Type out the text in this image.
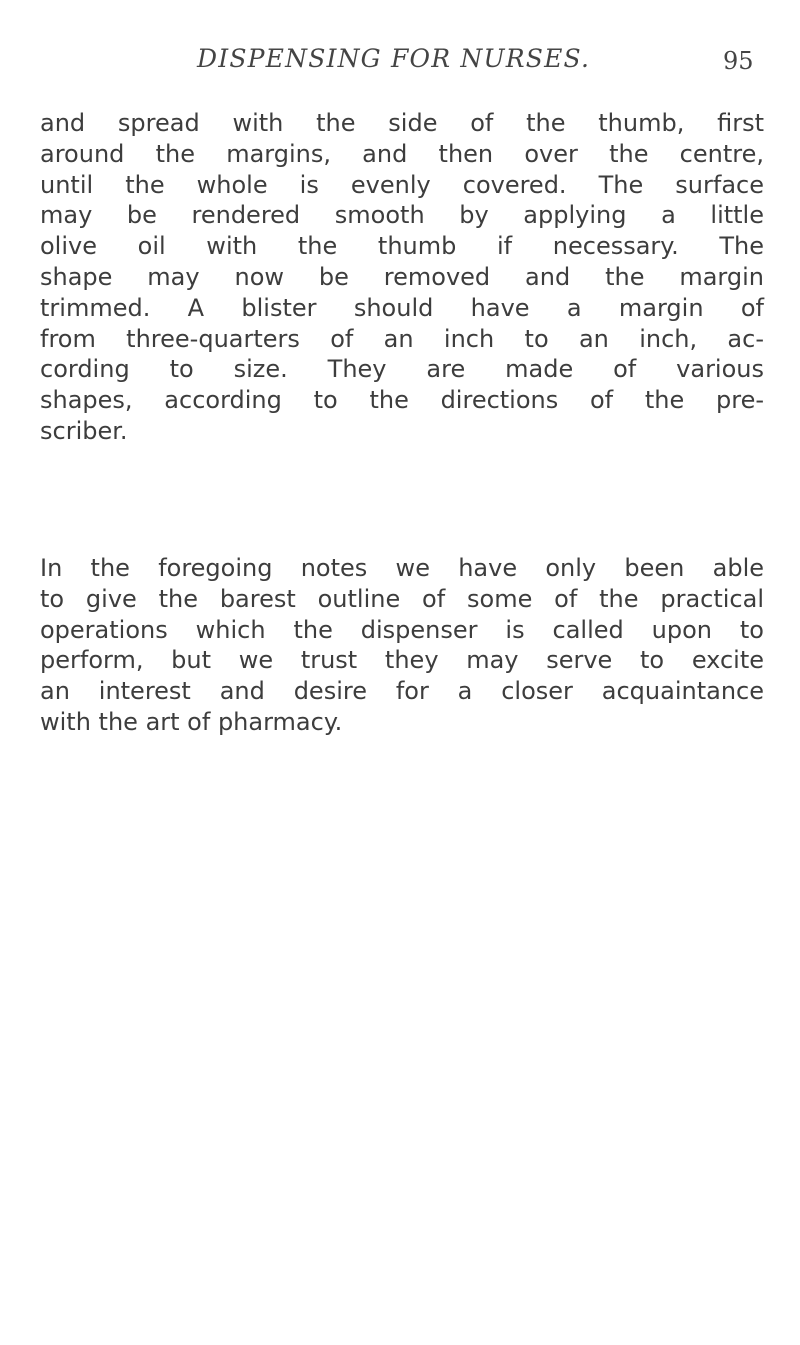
DISPENSING FOR NURSES.	95
and spread with the side of the thumb, first
around the margins, and then over the centre,
until the whole is evenly covered. The surface
may be rendered smooth by applying a little
olive oil with the thumb if necessary. The
shape may now be removed and the margin
trimmed. A blister should have a margin of
from three-quarters of an inch to an inch, ac-
cording to size. They are made of various
shapes, according to the directions of the pre-
scriber.
In the foregoing notes we have only been able
to give the barest outline of some of the practical
operations which the dispenser is called upon to
perform, but we trust they may serve to excite
an interest and desire for a closer acquaintance
with the art of pharmacy.
